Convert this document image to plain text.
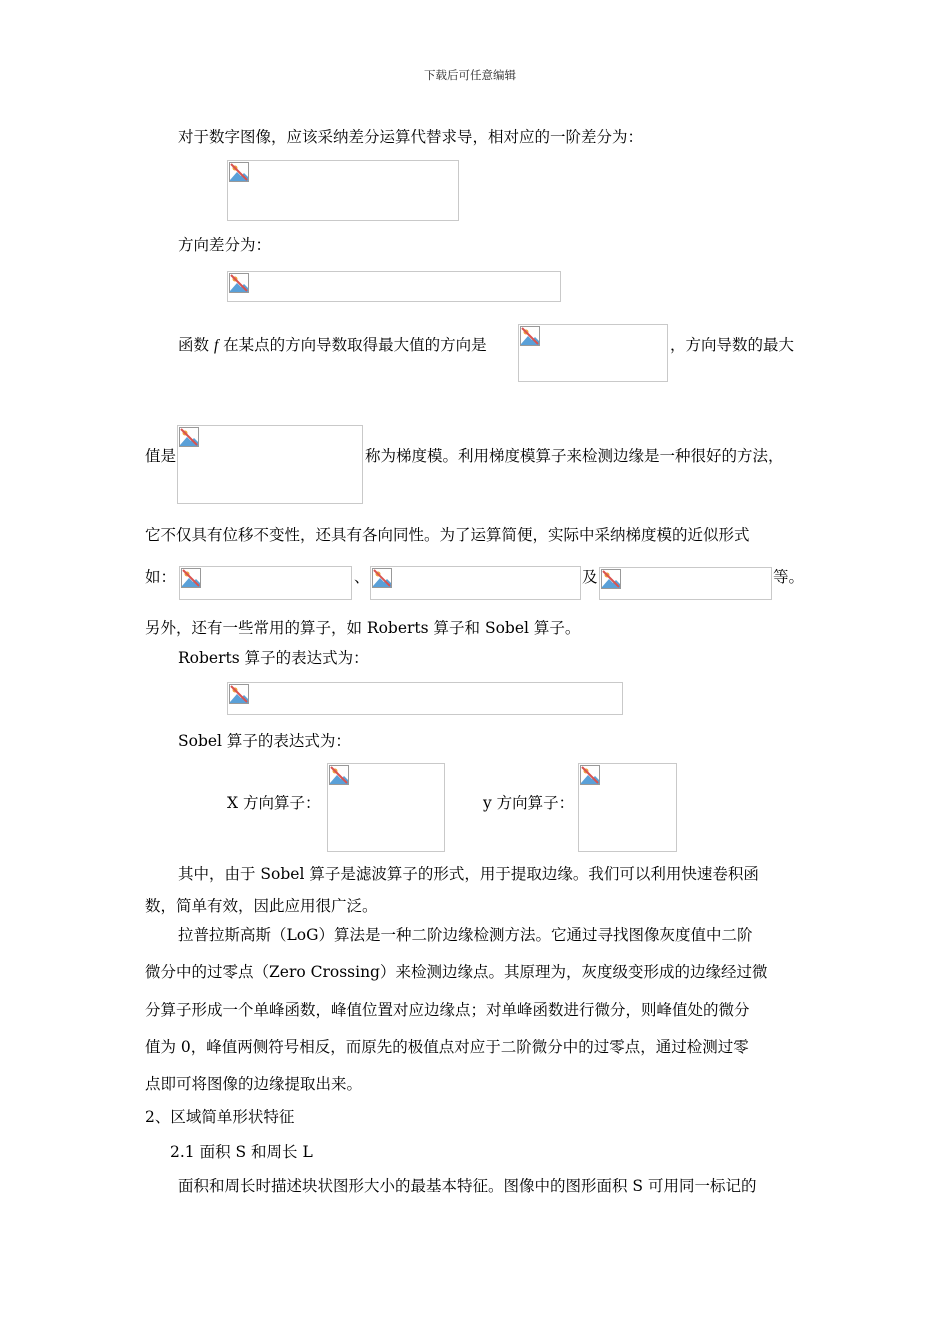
下载后可任意编辑
对于数字图像，应该采纳差分运算代替求导，相对应的一阶差分为：
方向差分为：
函数 f 在某点的方向导数取得最大值的方向是	，方向导数的最大
值是	称为梯度模。利用梯度模算子来检测边缘是一种很好的方法，
它不仅具有位移不变性，还具有各向同性。为了运算简便，实际中采纳梯度模的近似形式
如：	、	及	等。
另外，还有一些常用的算子，如 Roberts 算子和 Sobel 算子。
Roberts 算子的表达式为：
Sobel 算子的表达式为：
X 方向算子：	y 方向算子：
其中，由于 Sobel 算子是滤波算子的形式，用于提取边缘。我们可以利用快速卷积函
数，简单有效，因此应用很广泛。
拉普拉斯高斯（LoG）算法是一种二阶边缘检测方法。它通过寻找图像灰度值中二阶
微分中的过零点（Zero Crossing）来检测边缘点。其原理为，灰度级变形成的边缘经过微
分算子形成一个单峰函数，峰值位置对应边缘点；对单峰函数进行微分，则峰值处的微分
值为 0，峰值两侧符号相反，而原先的极值点对应于二阶微分中的过零点，通过检测过零
点即可将图像的边缘提取出来。
2、区域简单形状特征
2.1 面积 S 和周长 L
面积和周长时描述块状图形大小的最基本特征。图像中的图形面积 S 可用同一标记的
